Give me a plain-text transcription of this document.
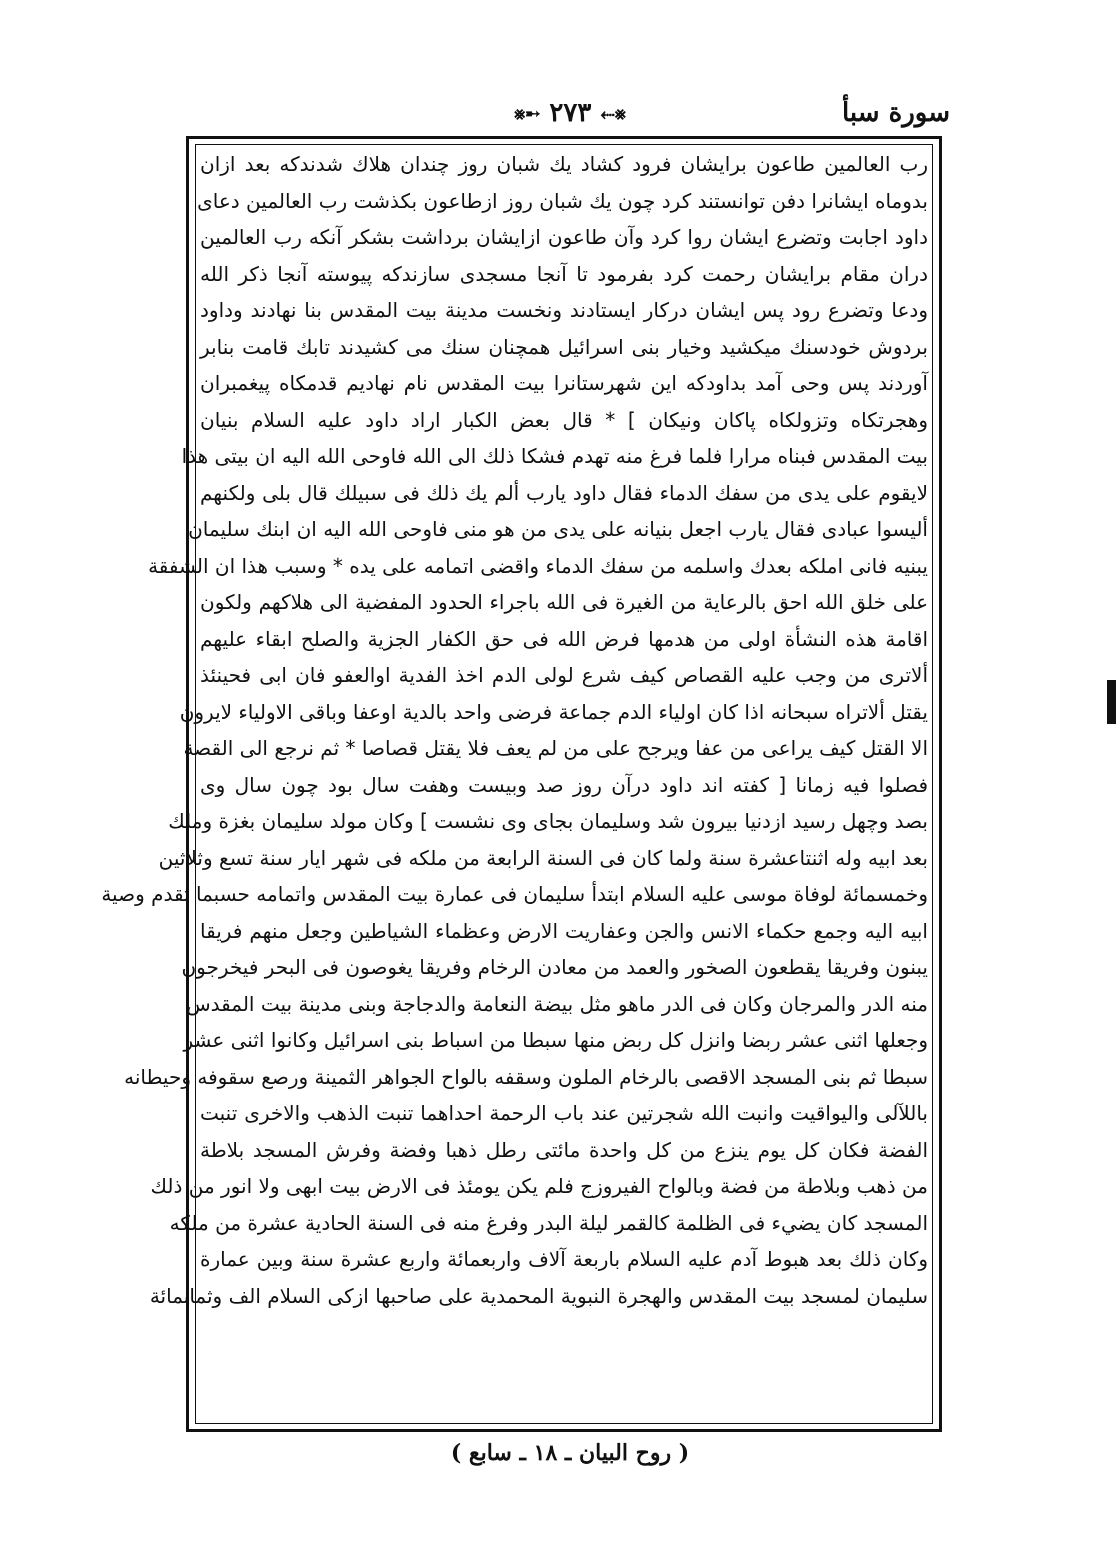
سورة سبأ
⨳⬸ ٢٧٣ ➸⨳
رب العالمين طاعون برايشان فرود كشاد يك شبان روز چندان هلاك شدندكه بعد ازان
بدوماه ايشانرا دفن توانستند كرد چون يك شبان روز ازطاعون بكذشت رب العالمين دعاى
داود اجابت وتضرع ايشان روا كرد وآن طاعون ازايشان برداشت بشكر آنكه رب العالمين
دران مقام برايشان رحمت كرد بفرمود تا آنجا مسجدى سازندكه پيوسته آنجا ذكر الله
ودعا وتضرع رود پس ايشان دركار ايستادند ونخست مدينة بيت المقدس بنا نهادند وداود
بردوش خودسنك ميكشيد وخيار بنى اسرائيل همچنان سنك مى كشيدند تابك قامت بنابر
آوردند پس وحى آمد بداودكه اين شهرستانرا بيت المقدس نام نهاديم قدمكاه پيغمبران
وهجرتكاه وتزولكاه پاكان ونيكان ] * قال بعض الكبار اراد داود عليه السلام بنيان
بيت المقدس فبناه مرارا فلما فرغ منه تهدم فشكا ذلك الى الله فاوحى الله اليه ان بيتى هذا
لايقوم على يدى من سفك الدماء فقال داود يارب ألم يك ذلك فى سبيلك قال بلى ولكنهم
أليسوا عبادى فقال يارب اجعل بنيانه على يدى من هو منى فاوحى الله اليه ان ابنك سليمان
يبنيه فانى املكه بعدك واسلمه من سفك الدماء واقضى اتمامه على يده * وسبب هذا ان الشفقة
على خلق الله احق بالرعاية من الغيرة فى الله باجراء الحدود المفضية الى هلاكهم ولكون
اقامة هذه النشأة اولى من هدمها فرض الله فى حق الكفار الجزية والصلح ابقاء عليهم
ألاترى من وجب عليه القصاص كيف شرع لولى الدم اخذ الفدية اوالعفو فان ابى فحينئذ
يقتل ألاتراه سبحانه اذا كان اولياء الدم جماعة فرضى واحد بالدية اوعفا وباقى الاولياء لايرون
الا القتل كيف يراعى من عفا ويرجح على من لم يعف فلا يقتل قصاصا * ثم نرجع الى القصة
فصلوا فيه زمانا [ كفته اند داود درآن روز صد وبيست وهفت سال بود چون سال وى
بصد وچهل رسيد ازدنيا بيرون شد وسليمان بجاى وى نشست ] وكان مولد سليمان بغزة وملك
بعد ابيه وله اثنتاعشرة سنة ولما كان فى السنة الرابعة من ملكه فى شهر ايار سنة تسع وثلاثين
وخمسمائة لوفاة موسى عليه السلام ابتدأ سليمان فى عمارة بيت المقدس واتمامه حسبما تقدم وصية
ابيه اليه وجمع حكماء الانس والجن وعفاريت الارض وعظماء الشياطين وجعل منهم فريقا
يبنون وفريقا يقطعون الصخور والعمد من معادن الرخام وفريقا يغوصون فى البحر فيخرجون
منه الدر والمرجان وكان فى الدر ماهو مثل بيضة النعامة والدجاجة وبنى مدينة بيت المقدس
وجعلها اثنى عشر ربضا وانزل كل ربض منها سبطا من اسباط بنى اسرائيل وكانوا اثنى عشر
سبطا ثم بنى المسجد الاقصى بالرخام الملون وسقفه بالواح الجواهر الثمينة ورصع سقوفه وحيطانه
باللآلى واليواقيت وانبت الله شجرتين عند باب الرحمة احداهما تنبت الذهب والاخرى تنبت
الفضة فكان كل يوم ينزع من كل واحدة مائتى رطل ذهبا وفضة وفرش المسجد بلاطة
من ذهب وبلاطة من فضة وبالواح الفيروزج فلم يكن يومئذ فى الارض بيت ابهى ولا انور من ذلك
المسجد كان يضيء فى الظلمة كالقمر ليلة البدر وفرغ منه فى السنة الحادية عشرة من ملكه
وكان ذلك بعد هبوط آدم عليه السلام باربعة آلاف واربعمائة واربع عشرة سنة وبين عمارة
سليمان لمسجد بيت المقدس والهجرة النبوية المحمدية على صاحبها ازكى السلام الف وثمانمائة
( روح البيان ـ ١٨ ـ سابع )
